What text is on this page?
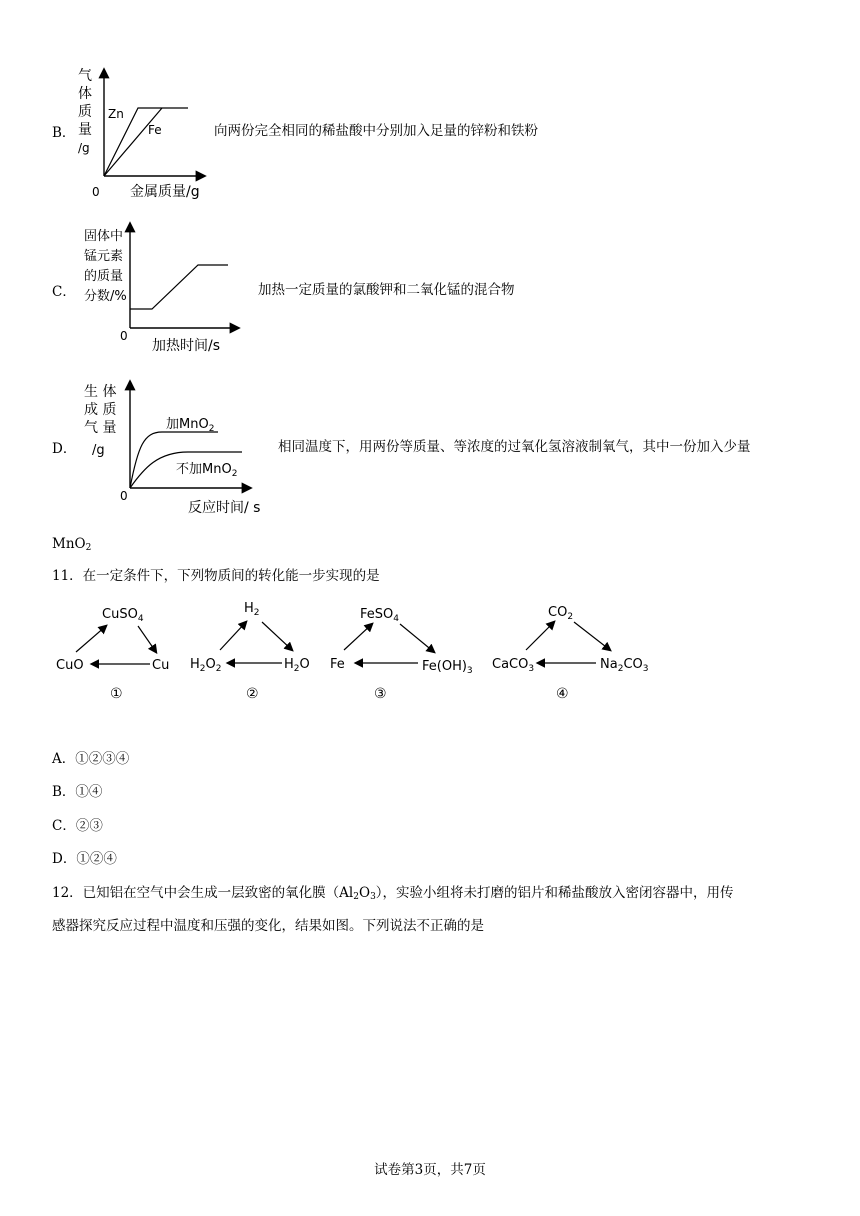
B．
气
体
质
量
/g
0 金属质量/g
Zn
Fe	向两份完全相同的稀盐酸中分别加入足量的锌粉和铁粉
C．
固体中
锰元素
的质量
分数/%
0
加热时间/s
加热一定质量的氯酸钾和二氧化锰的混合物
D．
生 体
成 质
气 量
/g
0
反应时间/ s
加MnO$_2$
不加MnO$_2$
相同温度下，用两份等质量、等浓度的过氧化氢溶液制氧气，其中一份加入少量
MnO$_2$
11．在一定条件下，下列物质间的转化能一步实现的是
CuSO$_4$
CuO	Cu
①
$H_2$
$H_2O_2$	$H_2O$
②
FeSO$_4$
Fe	$Fe(OH)_3$
③
$CO_2$
CaCO$_3$	$Na_2CO_3$
④
A．①②③④
B．①④
C．②③
D．①②④
12．已知铝在空气中会生成一层致密的氧化膜$(Al_2O_3)$，实验小组将未打磨的铝片和稀盐酸放入密闭容器中，用传
感器探究反应过程中温度和压强的变化，结果如图。下列说法不正确的是
试卷第3页，共7页
